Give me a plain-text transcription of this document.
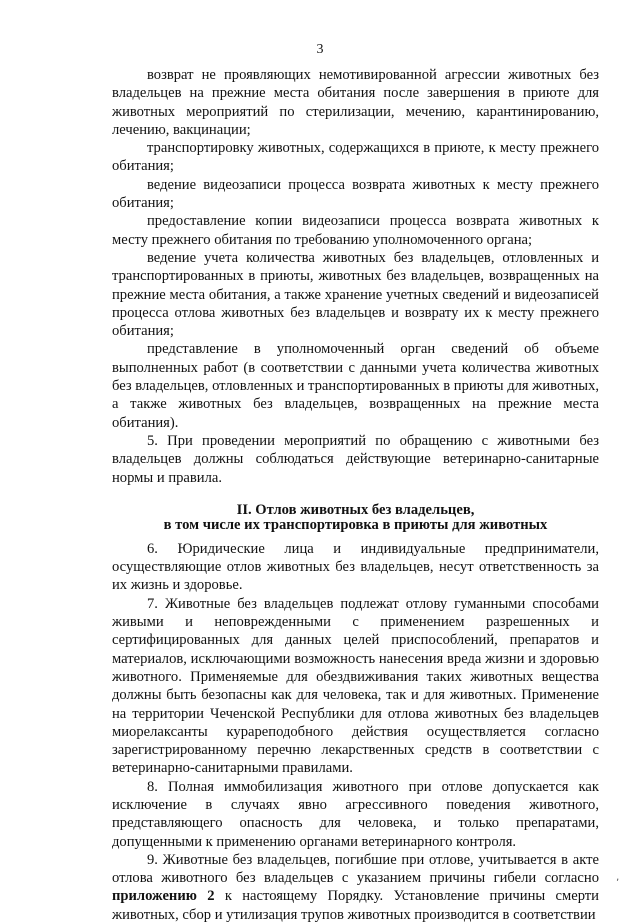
3

возврат не проявляющих немотивированной агрессии животных без владельцев на прежние места обитания после завершения в приюте для животных мероприятий по стерилизации, мечению, карантинированию, лечению, вакцинации;

транспортировку животных, содержащихся в приюте, к месту прежнего обитания;

ведение видеозаписи процесса возврата животных к месту прежнего обитания;

предоставление копии видеозаписи процесса возврата животных к месту прежнего обитания по требованию уполномоченного органа;

ведение учета количества животных без владельцев, отловленных и транспортированных в приюты, животных без владельцев, возвращенных на прежние места обитания, а также хранение учетных сведений и видеозаписей процесса отлова животных без владельцев и возврату их к месту прежнего обитания;

представление в уполномоченный орган сведений об объеме выполненных работ (в соответствии с данными учета количества животных без владельцев, отловленных и транспортированных в приюты для животных, а также животных без владельцев, возвращенных на прежние места обитания).

5. При проведении мероприятий по обращению с животными без владельцев должны соблюдаться действующие ветеринарно-санитарные нормы и правила.

II. Отлов животных без владельцев,
в том числе их транспортировка в приюты для животных

6. Юридические лица и индивидуальные предприниматели, осуществляющие отлов животных без владельцев, несут ответственность за их жизнь и здоровье.

7. Животные без владельцев подлежат отлову гуманными способами живыми и неповрежденными с применением разрешенных и сертифицированных для данных целей приспособлений, препаратов и материалов, исключающими возможность нанесения вреда жизни и здоровью животного. Применяемые для обездвиживания таких животных вещества должны быть безопасны как для человека, так и для животных. Применение на территории Чеченской Республики для отлова животных без владельцев миорелаксанты курареподобного действия осуществляется согласно зарегистрированному перечню лекарственных средств в соответствии с ветеринарно-санитарными правилами.

8. Полная иммобилизация животного при отлове допускается как исключение в случаях явно агрессивного поведения животного, представляющего опасность для человека, и только препаратами, допущенными к применению органами ветеринарного контроля.

9. Животные без владельцев, погибшие при отлове, учитывается в акте отлова животного без владельцев с указанием причины гибели согласно приложению 2 к настоящему Порядку. Установление причины смерти животных, сбор и утилизация трупов животных производится в соответствии

‚
